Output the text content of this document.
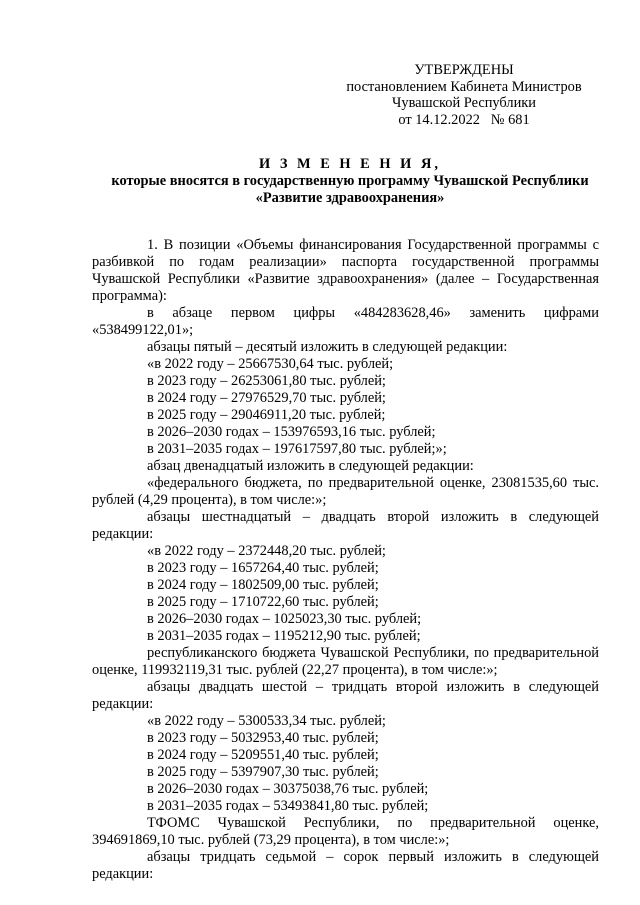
УТВЕРЖДЕНЫ
постановлением Кабинета Министров
Чувашской Республики
от 14.12.2022   № 681
И З М Е Н Е Н И Я,
которые вносятся в государственную программу Чувашской Республики
«Развитие здравоохранения»

1. В позиции «Объемы финансирования Государственной программы с разбивкой по годам реализации» паспорта государственной программы Чувашской Республики «Развитие здравоохранения» (далее – Государственная программа):

в абзаце первом цифры «484283628,46» заменить цифрами «538499122,01»;

абзацы пятый – десятый изложить в следующей редакции:

«в 2022 году – 25667530,64 тыс. рублей;

в 2023 году – 26253061,80 тыс. рублей;

в 2024 году – 27976529,70 тыс. рублей;

в 2025 году – 29046911,20 тыс. рублей;

в 2026–2030 годах – 153976593,16 тыс. рублей;

в 2031–2035 годах – 197617597,80 тыс. рублей;»;

абзац двенадцатый изложить в следующей редакции:

«федерального бюджета, по предварительной оценке, 23081535,60 тыс. рублей (4,29 процента), в том числе:»;

абзацы шестнадцатый – двадцать второй изложить в следующей редакции:

«в 2022 году – 2372448,20 тыс. рублей;

в 2023 году – 1657264,40 тыс. рублей;

в 2024 году – 1802509,00 тыс. рублей;

в 2025 году – 1710722,60 тыс. рублей;

в 2026–2030 годах – 1025023,30 тыс. рублей;

в 2031–2035 годах – 1195212,90 тыс. рублей;

республиканского бюджета Чувашской Республики, по предварительной оценке, 119932119,31 тыс. рублей (22,27 процента), в том числе:»;

абзацы двадцать шестой – тридцать второй изложить в следующей редакции:

«в 2022 году – 5300533,34 тыс. рублей;

в 2023 году – 5032953,40 тыс. рублей;

в 2024 году – 5209551,40 тыс. рублей;

в 2025 году – 5397907,30 тыс. рублей;

в 2026–2030 годах – 30375038,76 тыс. рублей;

в 2031–2035 годах – 53493841,80 тыс. рублей;

ТФОМС Чувашской Республики, по предварительной оценке, 394691869,10 тыс. рублей (73,29 процента), в том числе:»;

абзацы тридцать седьмой – сорок первый изложить в следующей редакции:
